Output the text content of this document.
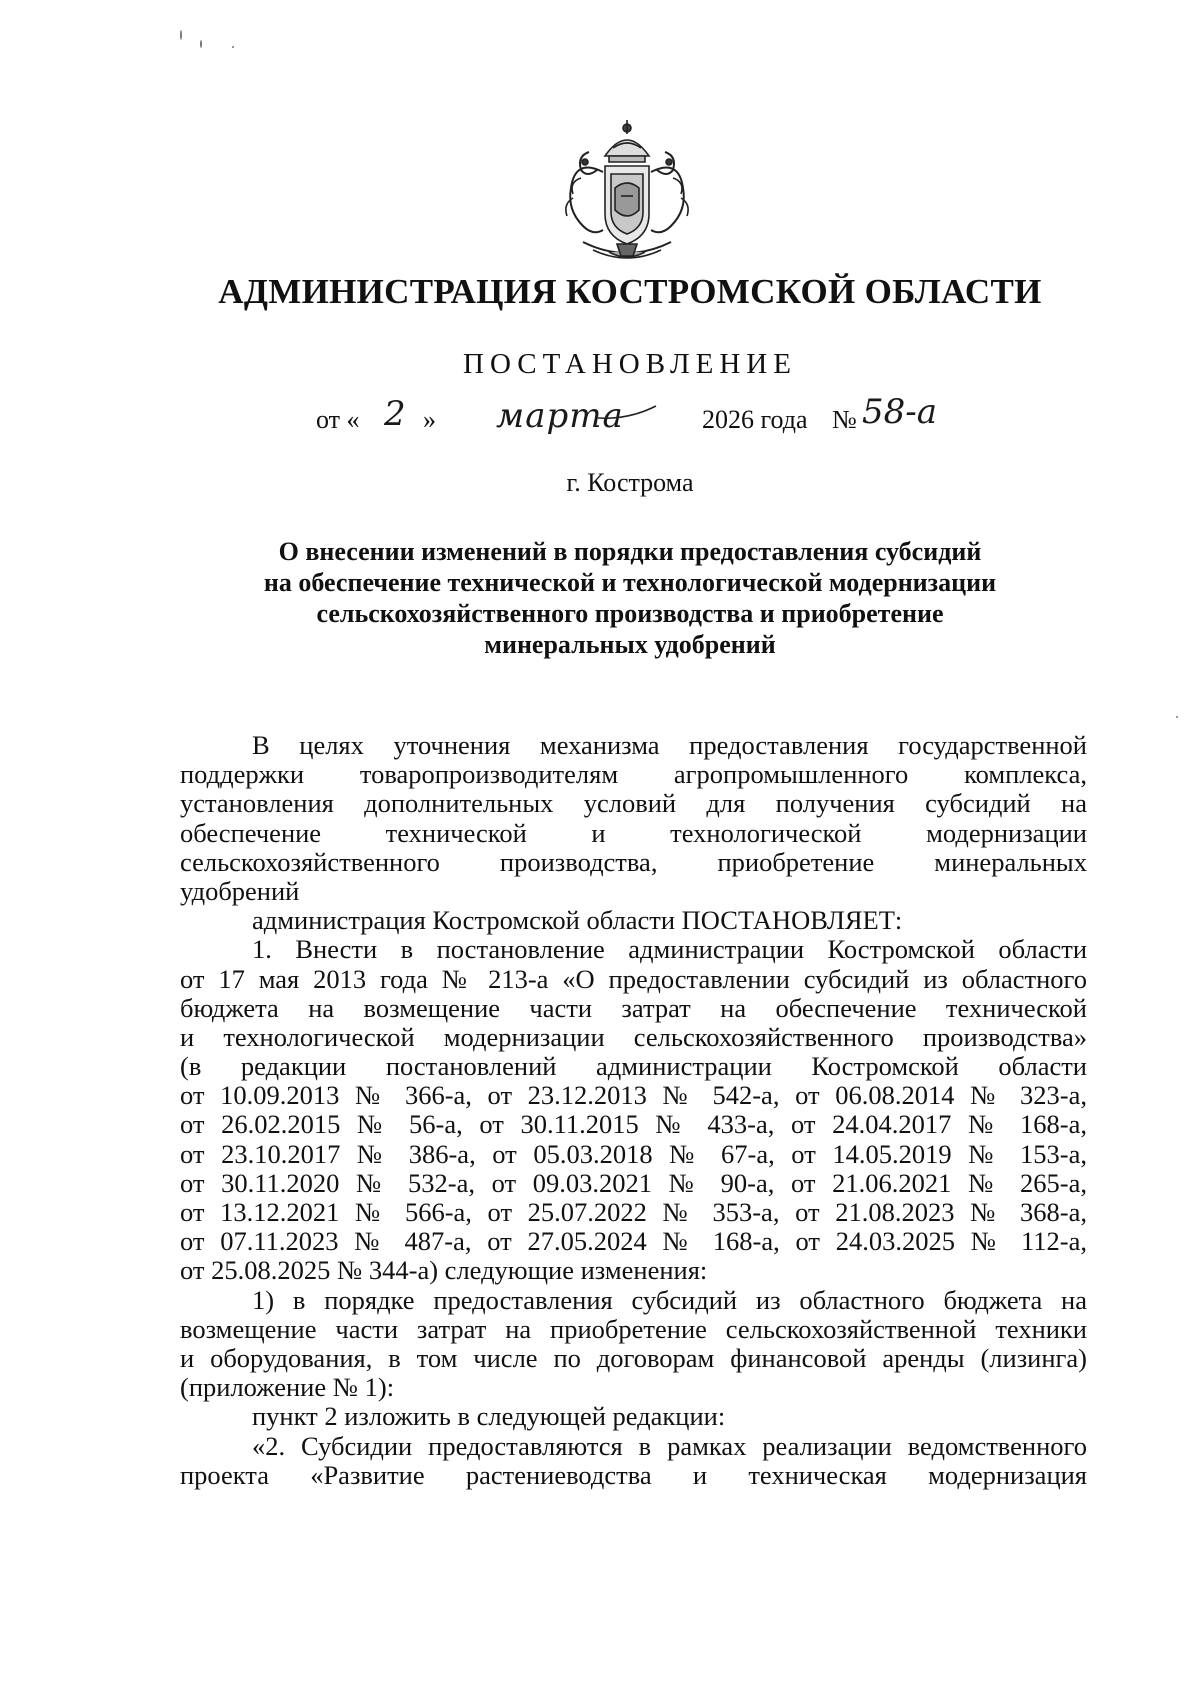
АДМИНИСТРАЦИЯ КОСТРОМСКОЙ ОБЛАСТИ
ПОСТАНОВЛЕНИЕ
от « 2 » марта	2026 года № 58-а
г. Кострома
О внесении изменений в порядки предоставления субсидий
на обеспечение технической и технологической модернизации
сельскохозяйственного производства и приобретение
минеральных удобрений
В целях уточнения механизма предоставления государственной
поддержки товаропроизводителям агропромышленного комплекса,
установления дополнительных условий для получения субсидий на
обеспечение технической и технологической модернизации
сельскохозяйственного производства, приобретение минеральных
удобрений
администрация Костромской области ПОСТАНОВЛЯЕТ:
1. Внести в постановление администрации Костромской области
от 17 мая 2013 года № 213-а «О предоставлении субсидий из областного
бюджета на возмещение части затрат на обеспечение технической
и технологической модернизации сельскохозяйственного производства»
(в редакции постановлений администрации Костромской области
от 10.09.2013 № 366-а, от 23.12.2013 № 542-а, от 06.08.2014 № 323-а,
от 26.02.2015 № 56-а, от 30.11.2015 № 433-а, от 24.04.2017 № 168-а,
от 23.10.2017 № 386-а, от 05.03.2018 № 67-а, от 14.05.2019 № 153-а,
от 30.11.2020 № 532-а, от 09.03.2021 № 90-а, от 21.06.2021 № 265-а,
от 13.12.2021 № 566-а, от 25.07.2022 № 353-а, от 21.08.2023 № 368-а,
от 07.11.2023 № 487-а, от 27.05.2024 № 168-а, от 24.03.2025 № 112-а,
от 25.08.2025 № 344-а) следующие изменения:
1) в порядке предоставления субсидий из областного бюджета на
возмещение части затрат на приобретение сельскохозяйственной техники
и оборудования, в том числе по договорам финансовой аренды (лизинга)
(приложение № 1):
пункт 2 изложить в следующей редакции:
«2. Субсидии предоставляются в рамках реализации ведомственного
проекта «Развитие растениеводства и техническая модернизация
